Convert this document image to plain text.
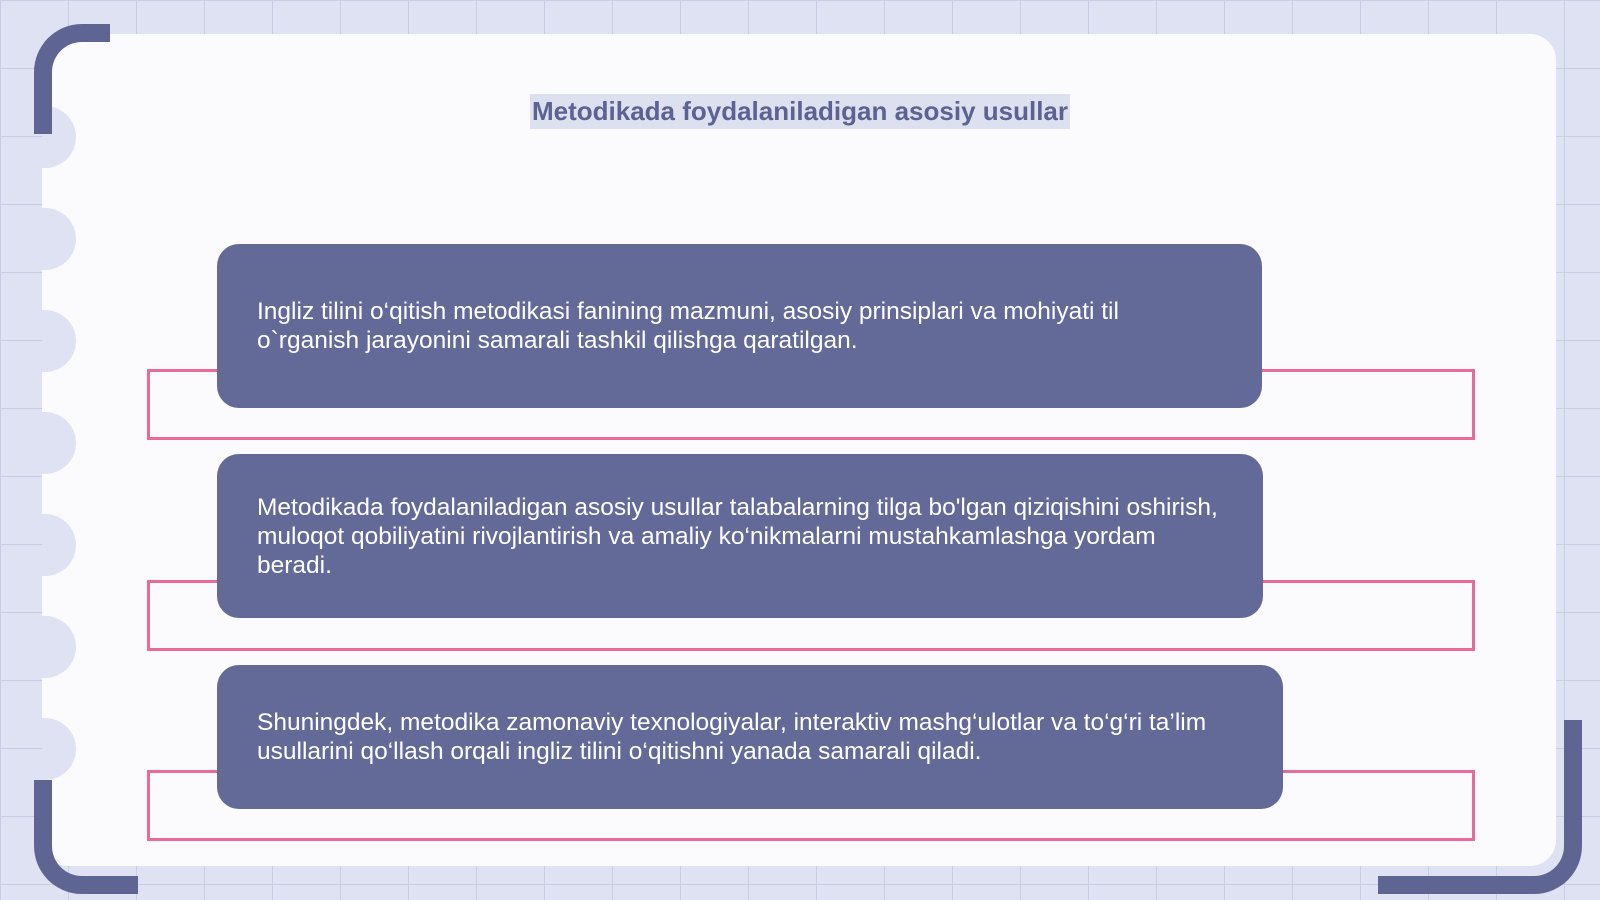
Metodikada foydalaniladigan asosiy usullar
Ingliz tilini o‘qitish metodikasi fanining mazmuni, asosiy prinsiplari va mohiyati til o`rganish jarayonini samarali tashkil qilishga qaratilgan.
Metodikada foydalaniladigan asosiy usullar talabalarning tilga bo'lgan qiziqishini oshirish, muloqot qobiliyatini rivojlantirish va amaliy ko‘nikmalarni mustahkamlashga yordam beradi.
Shuningdek, metodika zamonaviy texnologiyalar, interaktiv mashg‘ulotlar va to‘g‘ri ta’lim usullarini qo‘llash orqali ingliz tilini o‘qitishni yanada samarali qiladi.
